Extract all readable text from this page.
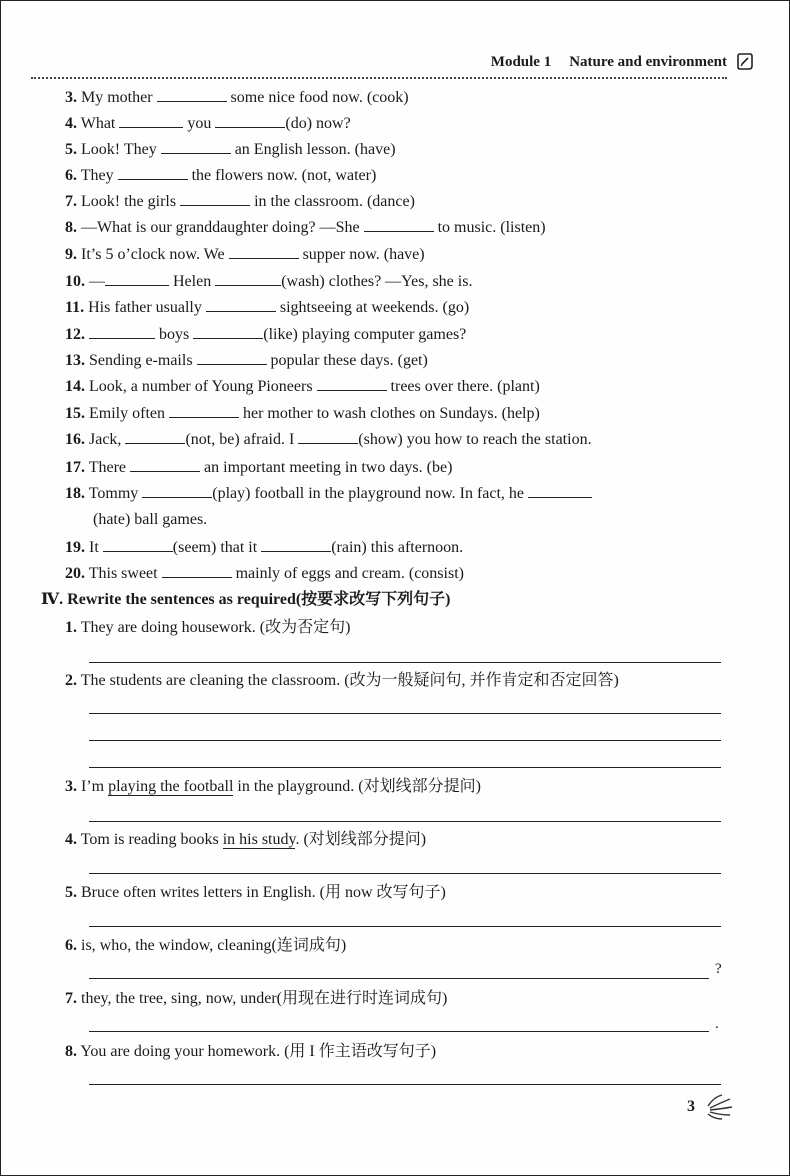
Module 1 Nature and environment
3. My mother	some nice food now. (cook)
4. What	you	(do) now?
5. Look! They	an English lesson. (have)
6. They	the flowers now. (not, water)
7. Look! the girls	in the classroom. (dance)
8. —What is our granddaughter doing? —She	to music. (listen)
9. It’s 5 o’clock now. We	supper now. (have)
10. —	Helen	(wash) clothes? —Yes, she is.
11. His father usually	sightseeing at weekends. (go)
12.	boys	(like) playing computer games?
13. Sending e-mails	popular these days. (get)
14. Look, a number of Young Pioneers	trees over there. (plant)
15. Emily often	her mother to wash clothes on Sundays. (help)
16. Jack,	(not, be) afraid. I	(show) you how to reach the station.
17. There	an important meeting in two days. (be)
18. Tommy	(play) football in the playground now. In fact, he
(hate) ball games.
19. It	(seem) that it	(rain) this afternoon.
20. This sweet	mainly of eggs and cream. (consist)
Ⅳ. Rewrite the sentences as required(按要求改写下列句子)
1. They are doing housework. (改为否定句)
2. The students are cleaning the classroom. (改为一般疑问句, 并作肯定和否定回答)
3. I’m playing the football in the playground. (对划线部分提问)
4. Tom is reading books in his study. (对划线部分提问)
5. Bruce often writes letters in English. (用 now 改写句子)
6. is, who, the window, cleaning(连词成句)
?
7. they, the tree, sing, now, under(用现在进行时连词成句)
.
8. You are doing your homework. (用 I 作主语改写句子)
3
